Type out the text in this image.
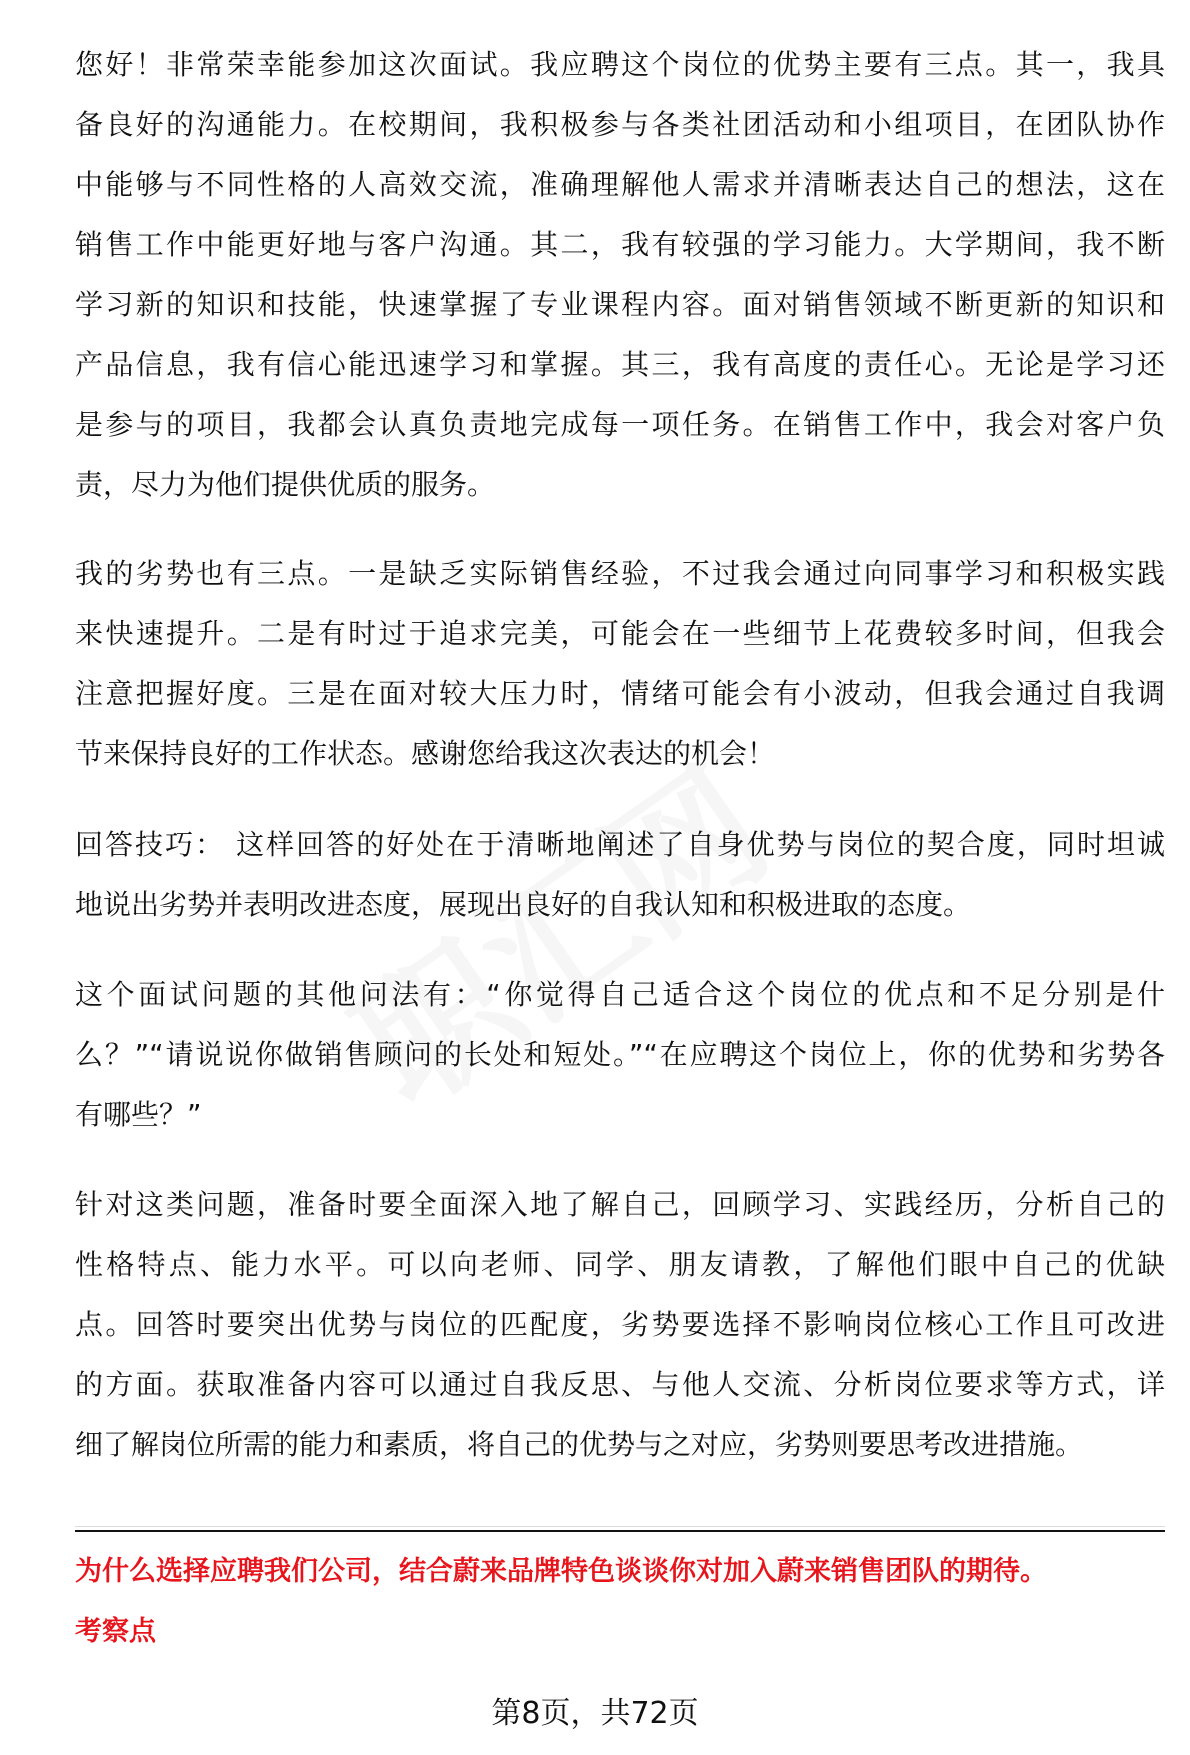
您好！非常荣幸能参加这次面试。我应聘这个岗位的优势主要有三点。其一，我具
备良好的沟通能力。在校期间，我积极参与各类社团活动和小组项目，在团队协作
中能够与不同性格的人高效交流，准确理解他人需求并清晰表达自己的想法，这在
销售工作中能更好地与客户沟通。其二，我有较强的学习能力。大学期间，我不断
学习新的知识和技能，快速掌握了专业课程内容。面对销售领域不断更新的知识和
产品信息，我有信心能迅速学习和掌握。其三，我有高度的责任心。无论是学习还
是参与的项目，我都会认真负责地完成每一项任务。在销售工作中，我会对客户负
责，尽力为他们提供优质的服务。
我的劣势也有三点。一是缺乏实际销售经验，不过我会通过向同事学习和积极实践
来快速提升。二是有时过于追求完美，可能会在一些细节上花费较多时间，但我会
注意把握好度。三是在面对较大压力时，情绪可能会有小波动，但我会通过自我调
节来保持良好的工作状态。感谢您给我这次表达的机会！
回答技巧： 这样回答的好处在于清晰地阐述了自身优势与岗位的契合度，同时坦诚
地说出劣势并表明改进态度，展现出良好的自我认知和积极进取的态度。
这个面试问题的其他问法有：“你觉得自己适合这个岗位的优点和不足分别是什
么？”“请说说你做销售顾问的长处和短处。”“在应聘这个岗位上，你的优势和劣势各
有哪些？”
针对这类问题，准备时要全面深入地了解自己，回顾学习、实践经历，分析自己的
性格特点、能力水平。可以向老师、同学、朋友请教，了解他们眼中自己的优缺
点。回答时要突出优势与岗位的匹配度，劣势要选择不影响岗位核心工作且可改进
的方面。获取准备内容可以通过自我反思、与他人交流、分析岗位要求等方式，详
细了解岗位所需的能力和素质，将自己的优势与之对应，劣势则要思考改进措施。
为什么选择应聘我们公司，结合蔚来品牌特色谈谈你对加入蔚来销售团队的期待。
考察点
第8页，共72页
